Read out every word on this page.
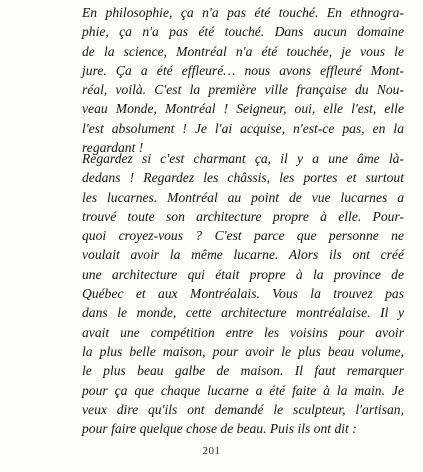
En philosophie, ça n'a pas été touché. En ethnogra-
phie, ça n'a pas été touché. Dans aucun domaine
de la science, Montréal n'a été touchée, je vous le
jure. Ça a été effleuré… nous avons effleuré Mont-
réal, voilà. C'est la première ville française du Nou-
veau Monde, Montréal ! Seigneur, oui, elle l'est, elle
l'est absolument ! Je l'ai acquise, n'est-ce pas, en la
regardant !
Regardez si c'est charmant ça, il y a une âme là-
dedans ! Regardez les châssis, les portes et surtout
les lucarnes. Montréal au point de vue lucarnes a
trouvé toute son architecture propre à elle. Pour-
quoi croyez-vous ? C'est parce que personne ne
voulait avoir la même lucarne. Alors ils ont créé
une architecture qui était propre à la province de
Québec et aux Montréalais. Vous la trouvez pas
dans le monde, cette architecture montréalaise. Il y
avait une compétition entre les voisins pour avoir
la plus belle maison, pour avoir le plus beau volume,
le plus beau galbe de maison. Il faut remarquer
pour ça que chaque lucarne a été faite à la main. Je
veux dire qu'ils ont demandé le sculpteur, l'artisan,
pour faire quelque chose de beau. Puis ils ont dit :
201
